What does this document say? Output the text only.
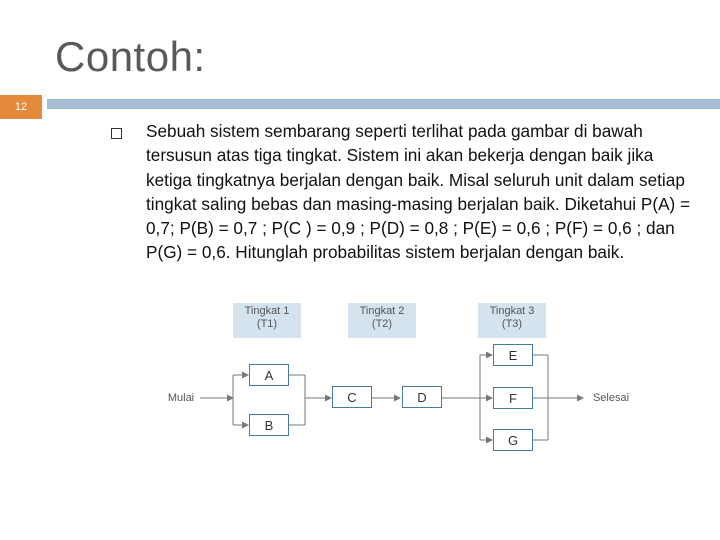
Contoh:
12
Sebuah sistem sembarang seperti terlihat pada gambar di bawah tersusun atas tiga tingkat. Sistem ini akan bekerja dengan baik jika ketiga tingkatnya berjalan dengan baik. Misal seluruh unit dalam setiap tingkat saling bebas dan masing-masing berjalan baik. Diketahui P(A) = 0,7; P(B) = 0,7 ; P(C ) = 0,9 ; P(D) = 0,8 ; P(E) = 0,6 ; P(F) = 0,6 ; dan P(G) = 0,6. Hitunglah probabilitas sistem berjalan dengan baik.
Tingkat 1
(T1)
Tingkat 2
(T2)
Tingkat 3
(T3)
Mulai	Selesai
A
B
C	D
E
F
G
